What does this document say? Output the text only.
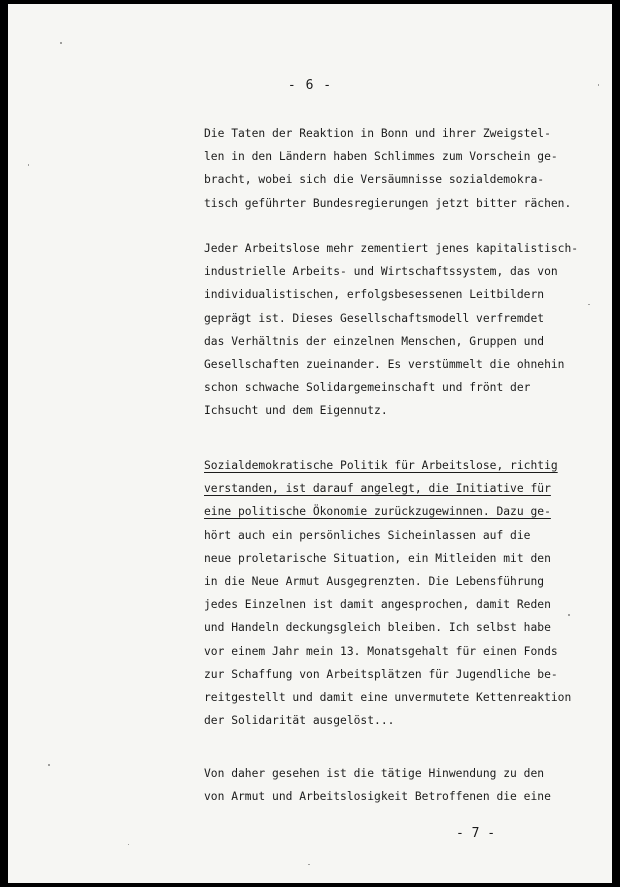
- 6 -

Die Taten der Reaktion in Bonn und ihrer Zweigstel-
len in den Ländern haben Schlimmes zum Vorschein ge-
bracht, wobei sich die Versäumnisse sozialdemokra-
tisch geführter Bundesregierungen jetzt bitter rächen.

Jeder Arbeitslose mehr zementiert jenes kapitalistisch-
industrielle Arbeits- und Wirtschaftssystem, das von
individualistischen, erfolgsbesessenen Leitbildern
geprägt ist. Dieses Gesellschaftsmodell verfremdet
das Verhältnis der einzelnen Menschen, Gruppen und
Gesellschaften zueinander. Es verstümmelt die ohnehin
schon schwache Solidargemeinschaft und frönt der
Ichsucht und dem Eigennutz.

Sozialdemokratische Politik für Arbeitslose, richtig
verstanden, ist darauf angelegt, die Initiative für
eine politische Ökonomie zurückzugewinnen. Dazu ge-
hört auch ein persönliches Sicheinlassen auf die
neue proletarische Situation, ein Mitleiden mit den
in die Neue Armut Ausgegrenzten. Die Lebensführung
jedes Einzelnen ist damit angesprochen, damit Reden
und Handeln deckungsgleich bleiben. Ich selbst habe
vor einem Jahr mein 13. Monatsgehalt für einen Fonds
zur Schaffung von Arbeitsplätzen für Jugendliche be-
reitgestellt und damit eine unvermutete Kettenreaktion
der Solidarität ausgelöst...

Von daher gesehen ist die tätige Hinwendung zu den
von Armut und Arbeitslosigkeit Betroffenen die eine

- 7 -
